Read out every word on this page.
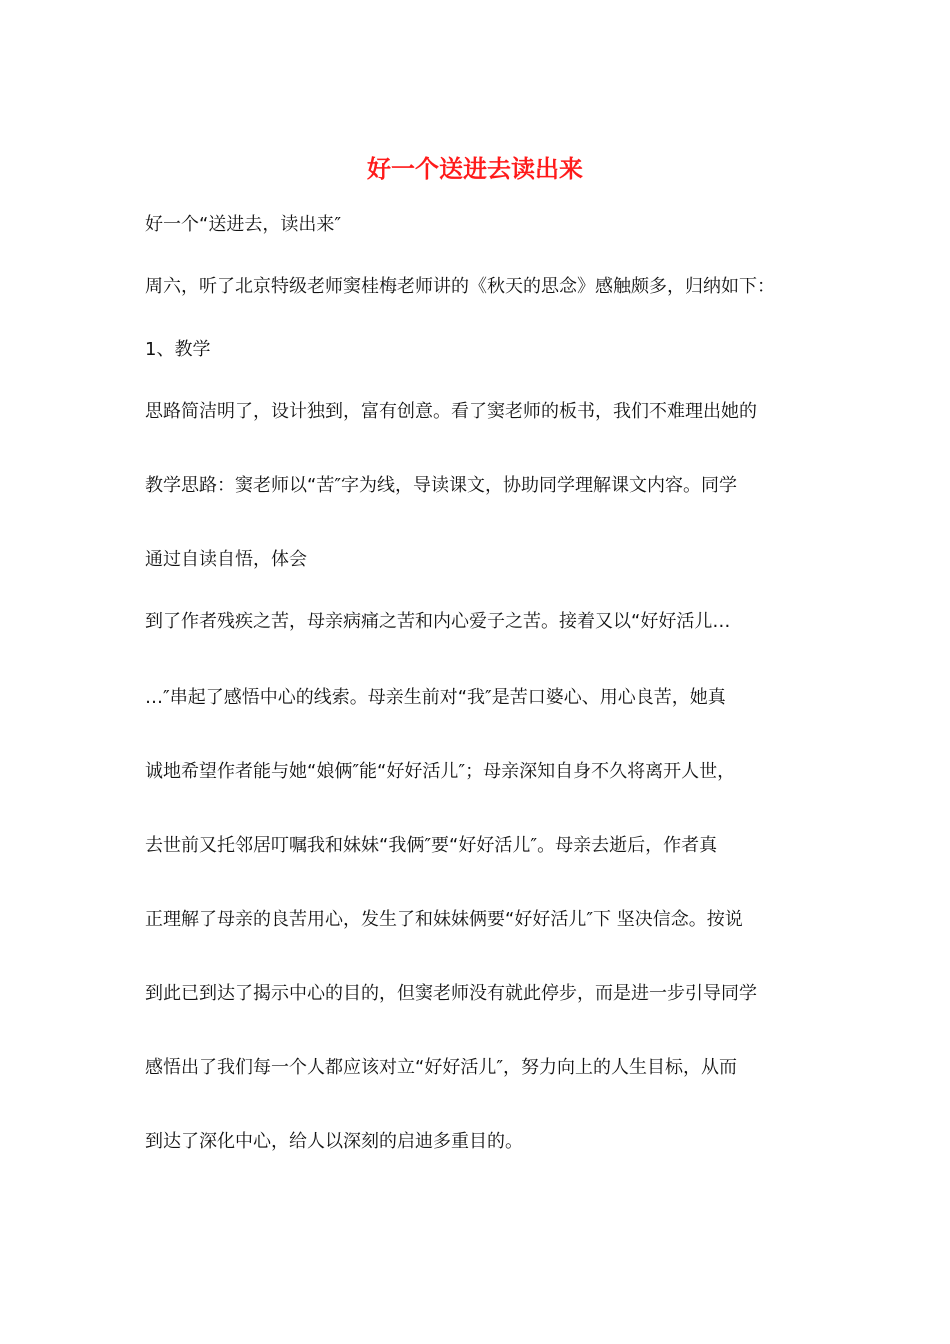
好一个送进去读出来

好一个“送进去，读出来″

周六，听了北京特级老师窦桂梅老师讲的《秋天的思念》感触颇多，归纳如下：

1、教学

思路简洁明了，设计独到，富有创意。看了窦老师的板书，我们不难理出她的

教学思路：窦老师以“苦″字为线，导读课文，协助同学理解课文内容。同学

通过自读自悟，体会

到了作者残疾之苦，母亲病痛之苦和内心爱子之苦。接着又以“好好活儿…

…″串起了感悟中心的线索。母亲生前对“我″是苦口婆心、用心良苦，她真

诚地希望作者能与她“娘俩″能“好好活儿″；母亲深知自身不久将离开人世，

去世前又托邻居叮嘱我和妹妹“我俩″要“好好活儿″。母亲去逝后，作者真

正理解了母亲的良苦用心，发生了和妹妹俩要“好好活儿″下 坚决信念。按说

到此已到达了揭示中心的目的，但窦老师没有就此停步，而是进一步引导同学

感悟出了我们每一个人都应该对立“好好活儿″，努力向上的人生目标，从而

到达了深化中心，给人以深刻的启迪多重目的。
